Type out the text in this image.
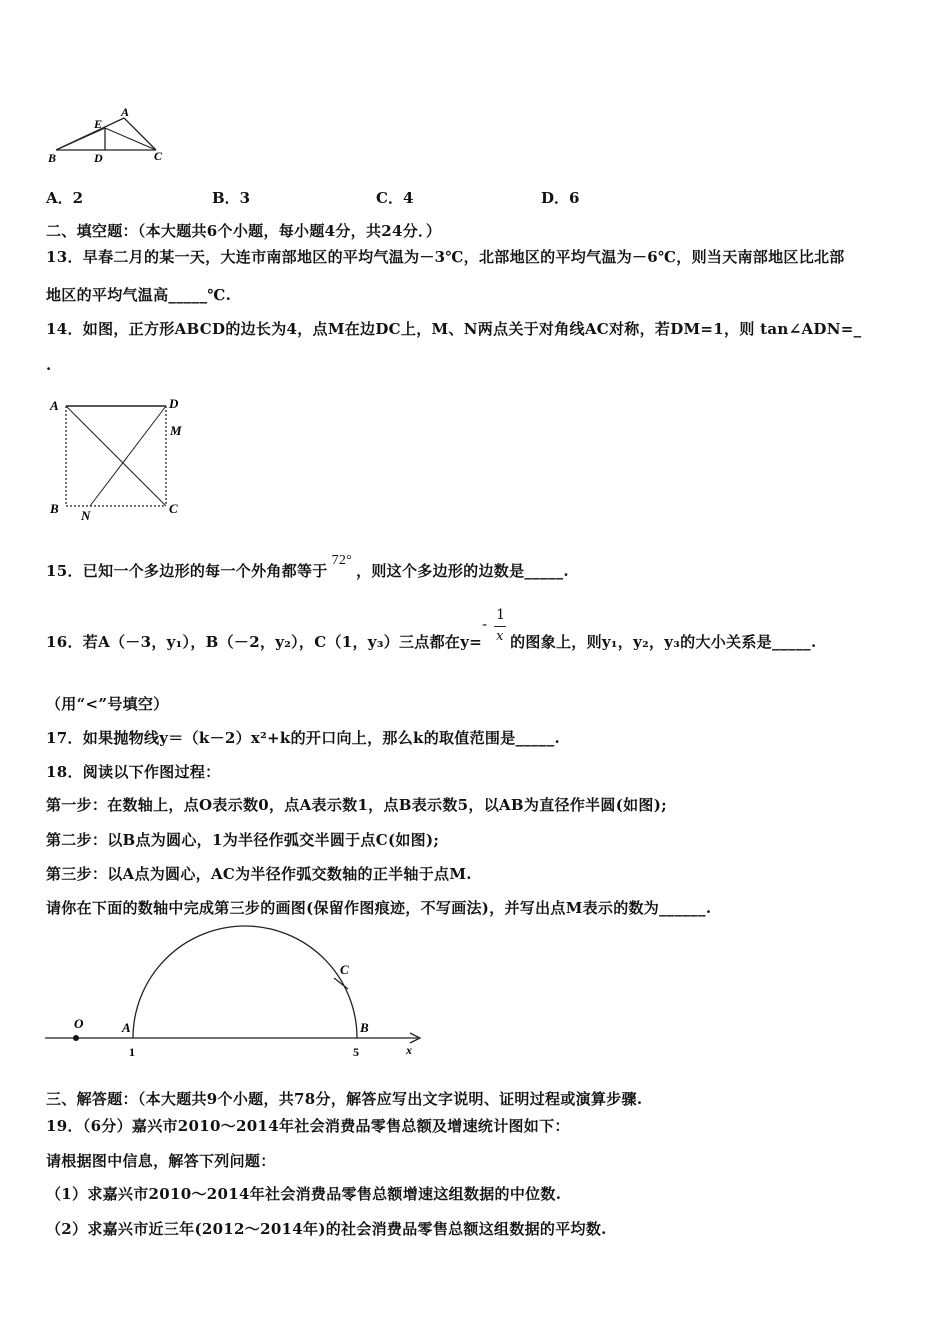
A
E
B	D	C
A．2	B．3	C．4	D．6
二、填空题：（本大题共6个小题，每小题4分，共24分．）
13．早春二月的某一天，大连市南部地区的平均气温为－3℃，北部地区的平均气温为－6℃，则当天南部地区比北部
地区的平均气温高_____℃.
14．如图，正方形ABCD的边长为4，点M在边DC上，M、N两点关于对角线AC对称，若DM=1，则 tan∠ADN=_
.
A	D
M
B N	C
15．已知一个多边形的每一个外角都等于72°，则这个多边形的边数是_____.
16．若A（－3，y₁），B（－2，y₂），C（1，y₃）三点都在y=
- 1
x 的图象上，则y₁，y₂，y₃的大小关系是_____.
（用“<”号填空）
17．如果抛物线y＝（k－2）x²+k的开口向上，那么k的取值范围是_____.
18．阅读以下作图过程：
第一步：在数轴上，点O表示数0，点A表示数1，点B表示数5，以AB为直径作半圆(如图);
第二步：以B点为圆心，1为半径作弧交半圆于点C(如图);
第三步：以A点为圆心，AC为半径作弧交数轴的正半轴于点M.
请你在下面的数轴中完成第三步的画图(保留作图痕迹，不写画法)，并写出点M表示的数为______.
O	A	B
C
x
1	5
三、解答题：（本大题共9个小题，共78分，解答应写出文字说明、证明过程或演算步骤.
19．（6分）嘉兴市2010～2014年社会消费品零售总额及增速统计图如下：
请根据图中信息，解答下列问题：
（1）求嘉兴市2010～2014年社会消费品零售总额增速这组数据的中位数.
（2）求嘉兴市近三年(2012～2014年)的社会消费品零售总额这组数据的平均数.
